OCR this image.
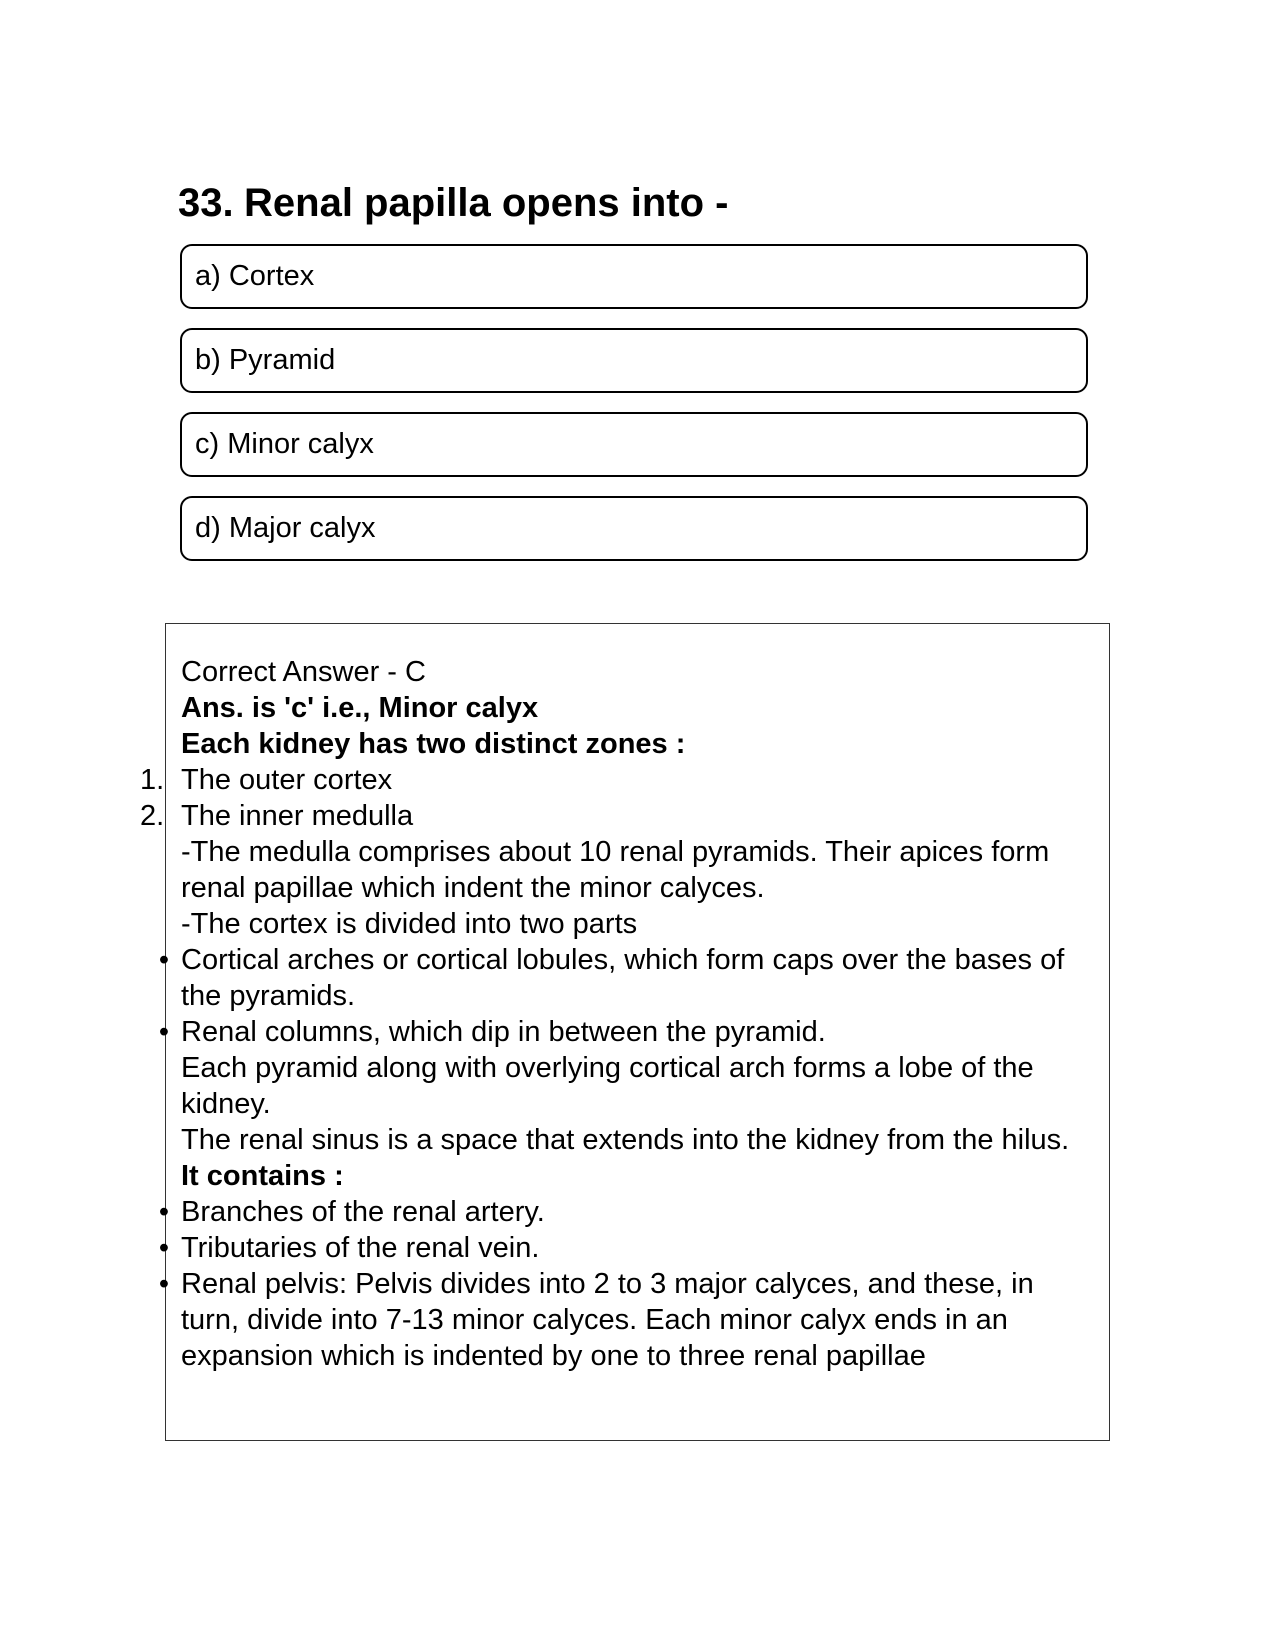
33. Renal papilla opens into -
a) Cortex
b) Pyramid
c) Minor calyx
d) Major calyx
Correct Answer - C
Ans. is 'c' i.e., Minor calyx
Each kidney has two distinct zones :
1. The outer cortex
2. The inner medulla
-The medulla comprises about 10 renal pyramids. Their apices form renal papillae which indent the minor calyces.
-The cortex is divided into two parts
• Cortical arches or cortical lobules, which form caps over the bases of the pyramids.
• Renal columns, which dip in between the pyramid.
Each pyramid along with overlying cortical arch forms a lobe of the kidney.
The renal sinus is a space that extends into the kidney from the hilus.
It contains :
• Branches of the renal artery.
• Tributaries of the renal vein.
• Renal pelvis: Pelvis divides into 2 to 3 major calyces, and these, in turn, divide into 7-13 minor calyces. Each minor calyx ends in an expansion which is indented by one to three renal papillae
